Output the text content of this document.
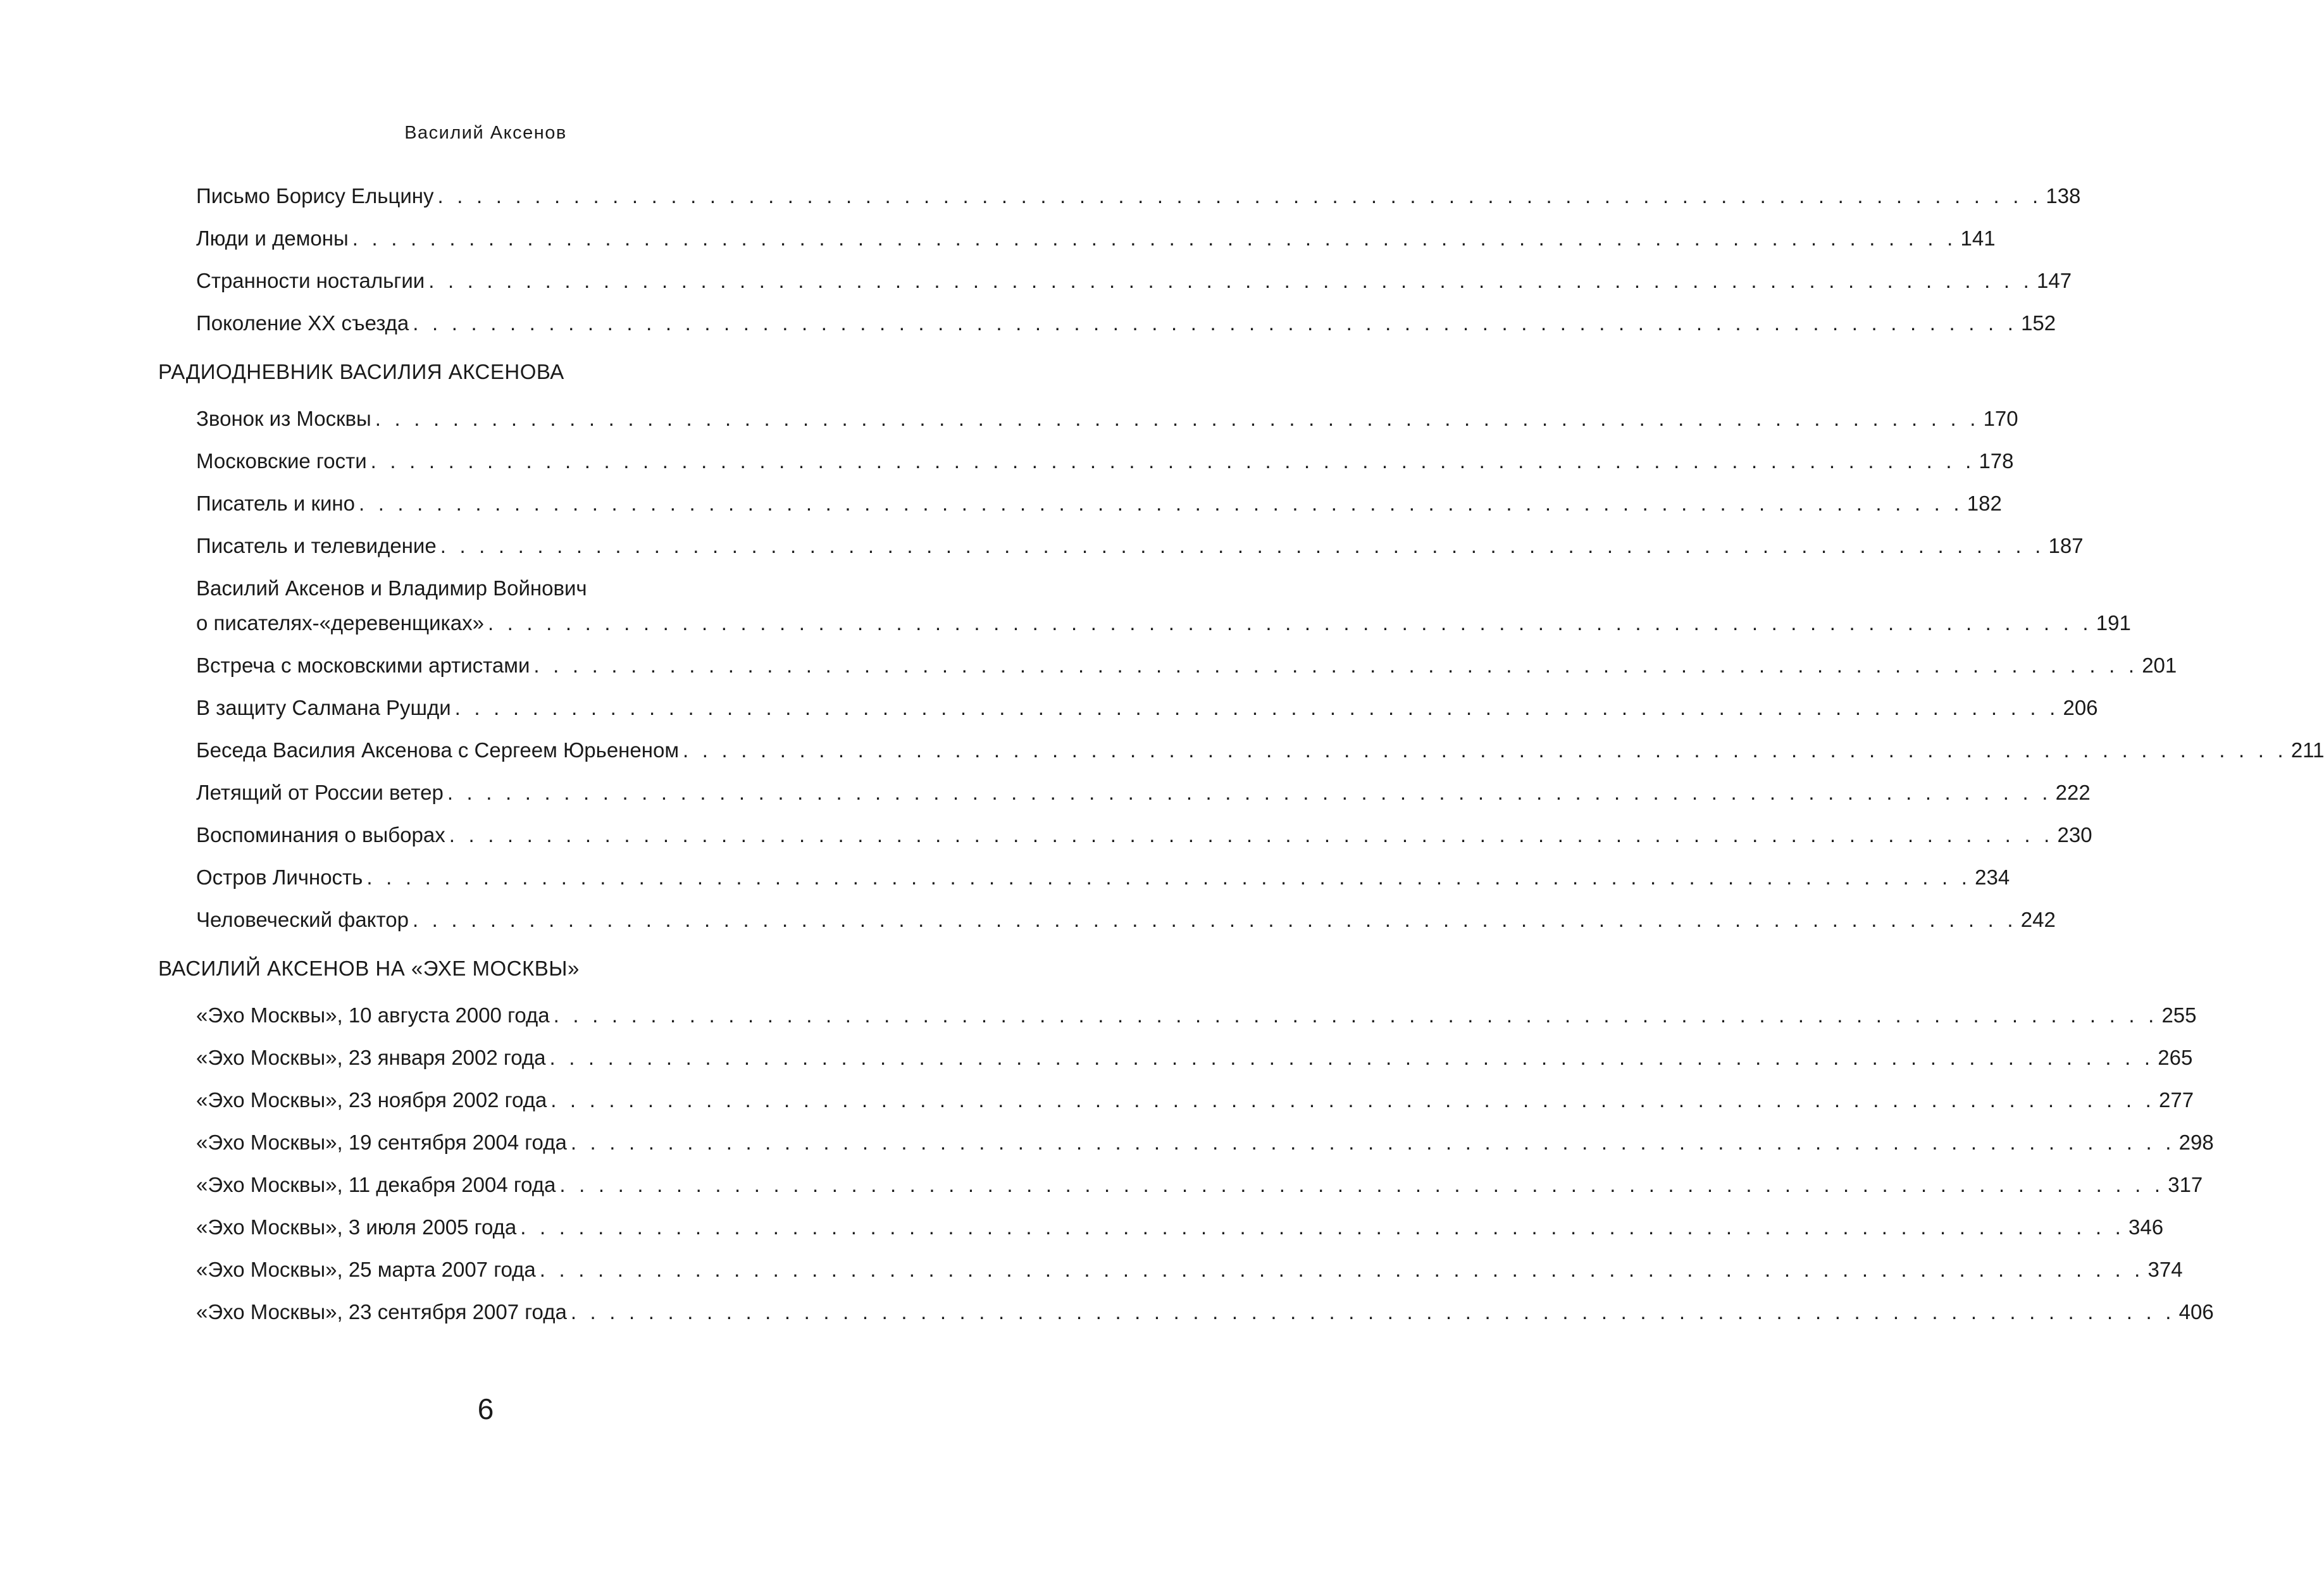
Василий Аксенов
Письмо Борису Ельцину . . . . . . . . . . . . . . . . . . . . . . . . . . . . . . . . . . . . . . . . . . . . . . . . . . . . . . . . . . . . . . . . . . . . . . . . . . . . . . . . . . . 138
Люди и демоны . . . . . . . . . . . . . . . . . . . . . . . . . . . . . . . . . . . . . . . . . . . . . . . . . . . . . . . . . . . . . . . . . . . . . . . . . . . . . . . . . . . 141
Странности ностальгии . . . . . . . . . . . . . . . . . . . . . . . . . . . . . . . . . . . . . . . . . . . . . . . . . . . . . . . . . . . . . . . . . . . . . . . . . . . . . . . . . . . 147
Поколение XX съезда . . . . . . . . . . . . . . . . . . . . . . . . . . . . . . . . . . . . . . . . . . . . . . . . . . . . . . . . . . . . . . . . . . . . . . . . . . . . . . . . . . . 152
РАДИОДНЕВНИК ВАСИЛИЯ АКСЕНОВА
Звонок из Москвы . . . . . . . . . . . . . . . . . . . . . . . . . . . . . . . . . . . . . . . . . . . . . . . . . . . . . . . . . . . . . . . . . . . . . . . . . . . . . . . . . . . 170
Московские гости . . . . . . . . . . . . . . . . . . . . . . . . . . . . . . . . . . . . . . . . . . . . . . . . . . . . . . . . . . . . . . . . . . . . . . . . . . . . . . . . . . . 178
Писатель и кино . . . . . . . . . . . . . . . . . . . . . . . . . . . . . . . . . . . . . . . . . . . . . . . . . . . . . . . . . . . . . . . . . . . . . . . . . . . . . . . . . . . 182
Писатель и телевидение . . . . . . . . . . . . . . . . . . . . . . . . . . . . . . . . . . . . . . . . . . . . . . . . . . . . . . . . . . . . . . . . . . . . . . . . . . . . . . . . . . . 187
Василий Аксенов и Владимир Войнович
о писателях-«деревенщиках» . . . . . . . . . . . . . . . . . . . . . . . . . . . . . . . . . . . . . . . . . . . . . . . . . . . . . . . . . . . . . . . . . . . . . . . . . . . . . . . . . . . 191
Встреча с московскими артистами . . . . . . . . . . . . . . . . . . . . . . . . . . . . . . . . . . . . . . . . . . . . . . . . . . . . . . . . . . . . . . . . . . . . . . . . . . . . . . . . . . . 201
В защиту Салмана Рушди . . . . . . . . . . . . . . . . . . . . . . . . . . . . . . . . . . . . . . . . . . . . . . . . . . . . . . . . . . . . . . . . . . . . . . . . . . . . . . . . . . . 206
Беседа Василия Аксенова с Сергеем Юрьененом . . . . . . . . . . . . . . . . . . . . . . . . . . . . . . . . . . . . . . . . . . . . . . . . . . . . . . . . . . . . . . . . . . . . . . . . . . . . . . . . . . . 211
Летящий от России ветер . . . . . . . . . . . . . . . . . . . . . . . . . . . . . . . . . . . . . . . . . . . . . . . . . . . . . . . . . . . . . . . . . . . . . . . . . . . . . . . . . . . 222
Воспоминания о выборах . . . . . . . . . . . . . . . . . . . . . . . . . . . . . . . . . . . . . . . . . . . . . . . . . . . . . . . . . . . . . . . . . . . . . . . . . . . . . . . . . . . 230
Остров Личность . . . . . . . . . . . . . . . . . . . . . . . . . . . . . . . . . . . . . . . . . . . . . . . . . . . . . . . . . . . . . . . . . . . . . . . . . . . . . . . . . . . 234
Человеческий фактор . . . . . . . . . . . . . . . . . . . . . . . . . . . . . . . . . . . . . . . . . . . . . . . . . . . . . . . . . . . . . . . . . . . . . . . . . . . . . . . . . . . 242
ВАСИЛИЙ АКСЕНОВ НА «ЭХЕ МОСКВЫ»
«Эхо Москвы», 10 августа 2000 года . . . . . . . . . . . . . . . . . . . . . . . . . . . . . . . . . . . . . . . . . . . . . . . . . . . . . . . . . . . . . . . . . . . . . . . . . . . . . . . . . . . 255
«Эхо Москвы», 23 января 2002 года . . . . . . . . . . . . . . . . . . . . . . . . . . . . . . . . . . . . . . . . . . . . . . . . . . . . . . . . . . . . . . . . . . . . . . . . . . . . . . . . . . . 265
«Эхо Москвы», 23 ноября 2002 года . . . . . . . . . . . . . . . . . . . . . . . . . . . . . . . . . . . . . . . . . . . . . . . . . . . . . . . . . . . . . . . . . . . . . . . . . . . . . . . . . . . 277
«Эхо Москвы», 19 сентября 2004 года . . . . . . . . . . . . . . . . . . . . . . . . . . . . . . . . . . . . . . . . . . . . . . . . . . . . . . . . . . . . . . . . . . . . . . . . . . . . . . . . . . . 298
«Эхо Москвы», 11 декабря 2004 года . . . . . . . . . . . . . . . . . . . . . . . . . . . . . . . . . . . . . . . . . . . . . . . . . . . . . . . . . . . . . . . . . . . . . . . . . . . . . . . . . . . 317
«Эхо Москвы», 3 июля 2005 года . . . . . . . . . . . . . . . . . . . . . . . . . . . . . . . . . . . . . . . . . . . . . . . . . . . . . . . . . . . . . . . . . . . . . . . . . . . . . . . . . . . 346
«Эхо Москвы», 25 марта 2007 года . . . . . . . . . . . . . . . . . . . . . . . . . . . . . . . . . . . . . . . . . . . . . . . . . . . . . . . . . . . . . . . . . . . . . . . . . . . . . . . . . . . 374
«Эхо Москвы», 23 сентября 2007 года . . . . . . . . . . . . . . . . . . . . . . . . . . . . . . . . . . . . . . . . . . . . . . . . . . . . . . . . . . . . . . . . . . . . . . . . . . . . . . . . . . . 406
6
